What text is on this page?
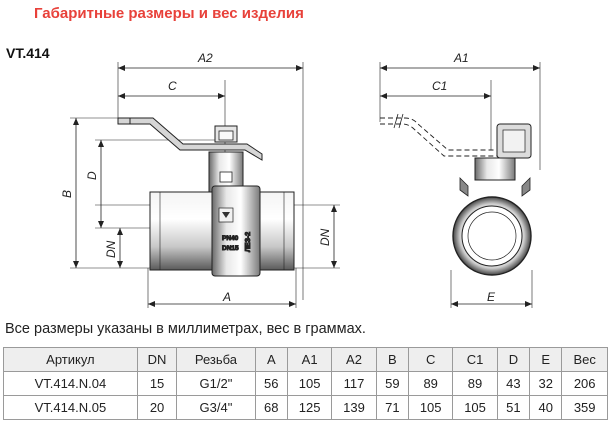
Габаритные размеры и вес изделия
VT.414
PN40
DN15 ЛЕЗ-2
A2
C
B
D
DN
DN
A
A1
C1
E
Все размеры указаны в миллиметрах, вес в граммах.
Артикул	DN	Резьба	A	A1	A2	B	C	C1	D	E	Вес
VT.414.N.04	15	G1/2"	56	105	117	59	89	89	43	32	206
VT.414.N.05	20	G3/4"	68	125	139	71	105	105	51	40	359
